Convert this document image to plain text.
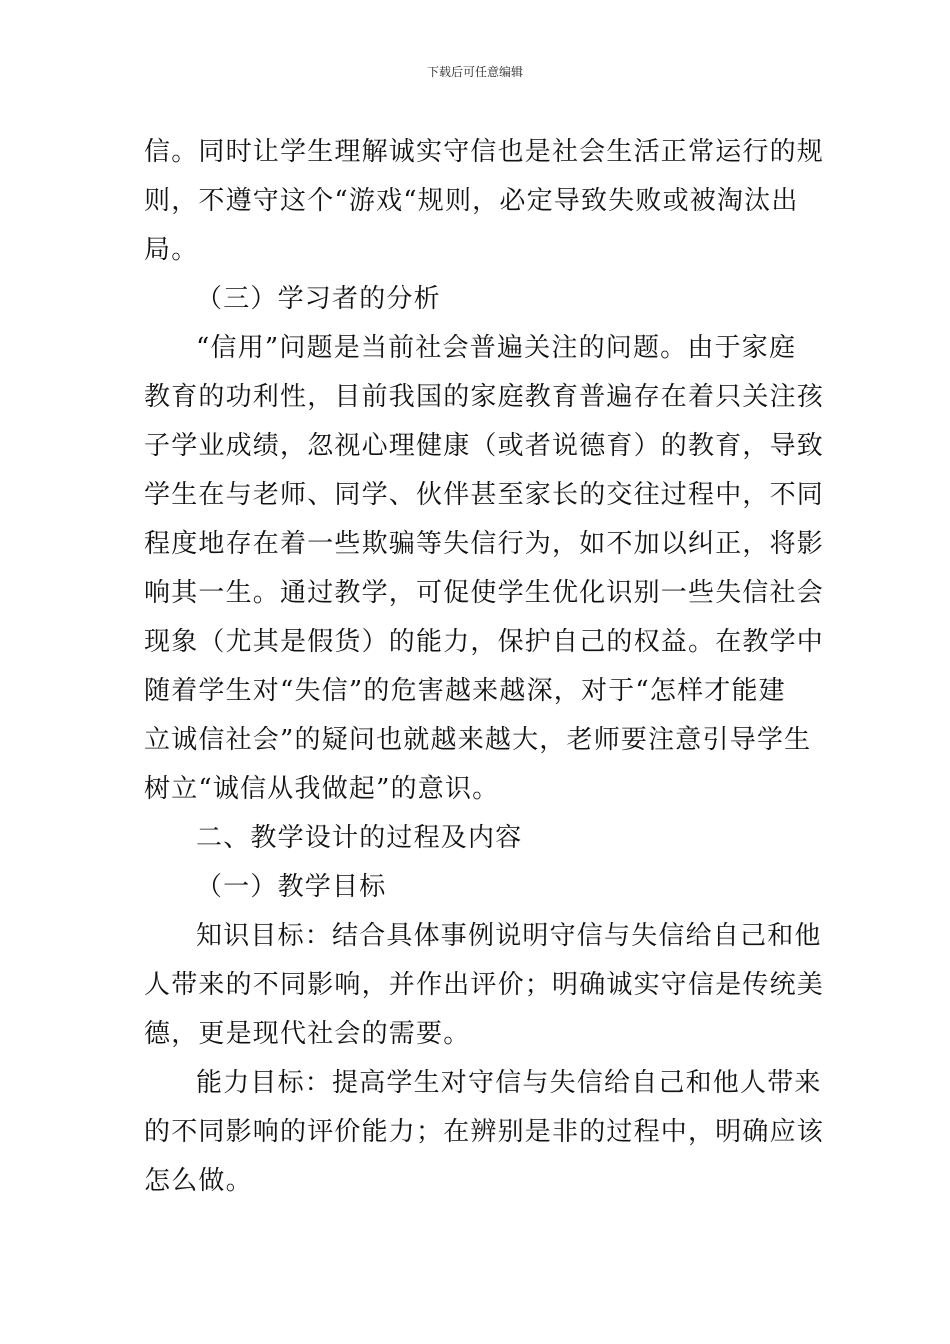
下载后可任意编辑
信。同时让学生理解诚实守信也是社会生活正常运行的规
则，不遵守这个“游戏“规则，必定导致失败或被淘汰出
局。
（三）学习者的分析
“信用”问题是当前社会普遍关注的问题。由于家庭
教育的功利性，目前我国的家庭教育普遍存在着只关注孩
子学业成绩，忽视心理健康（或者说德育）的教育，导致
学生在与老师、同学、伙伴甚至家长的交往过程中，不同
程度地存在着一些欺骗等失信行为，如不加以纠正，将影
响其一生。通过教学，可促使学生优化识别一些失信社会
现象（尤其是假货）的能力，保护自己的权益。在教学中
随着学生对“失信”的危害越来越深，对于“怎样才能建
立诚信社会”的疑问也就越来越大，老师要注意引导学生
树立“诚信从我做起”的意识。
二、教学设计的过程及内容
（一）教学目标
知识目标：结合具体事例说明守信与失信给自己和他
人带来的不同影响，并作出评价；明确诚实守信是传统美
德，更是现代社会的需要。
能力目标：提高学生对守信与失信给自己和他人带来
的不同影响的评价能力；在辨别是非的过程中，明确应该
怎么做。
